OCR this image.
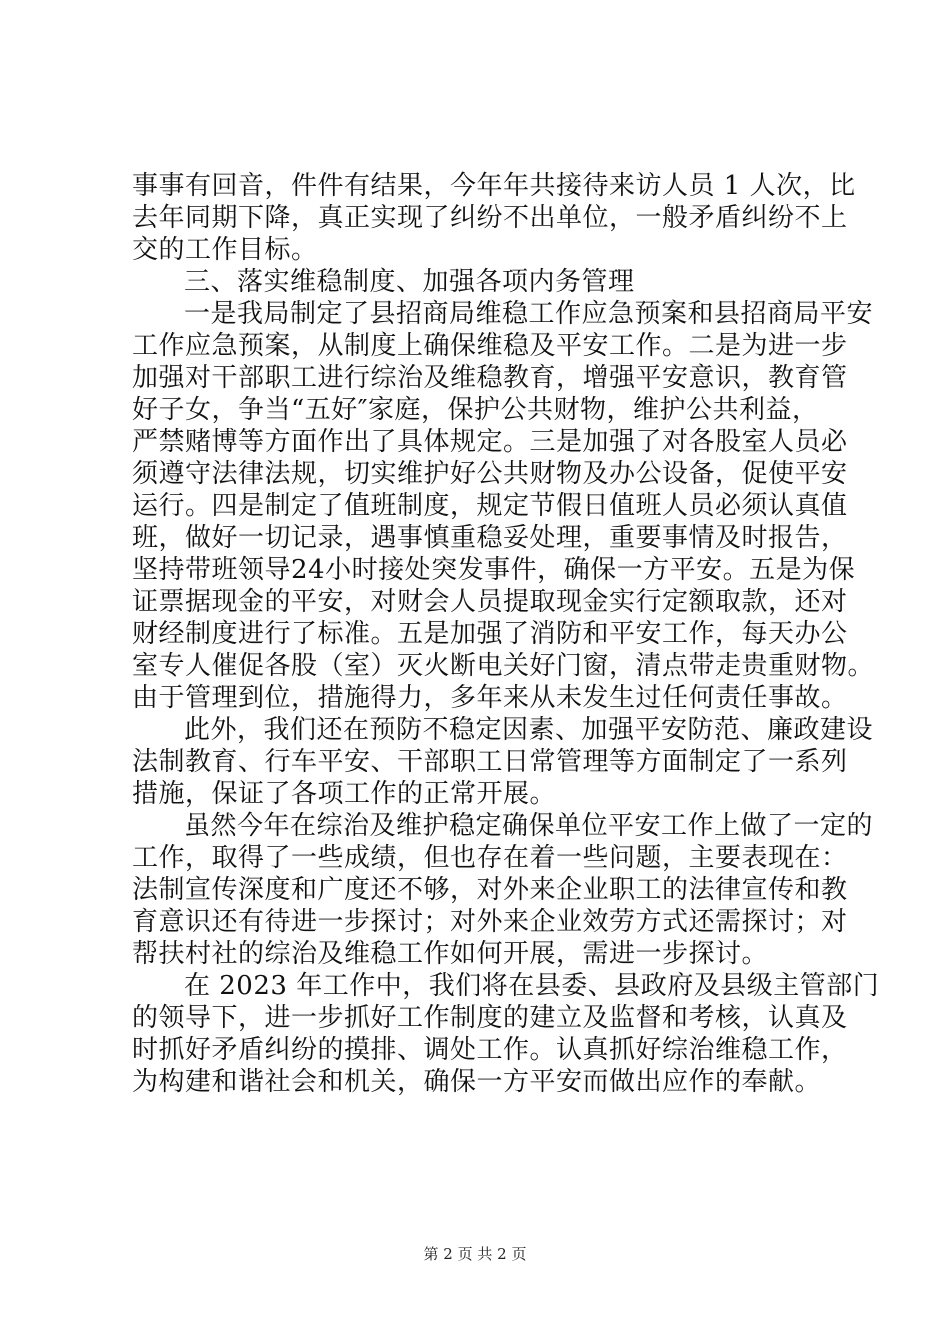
事事有回音，件件有结果，今年年共接待来访人员 1 人次，比
去年同期下降，真正实现了纠纷不出单位，一般矛盾纠纷不上
交的工作目标。
三、落实维稳制度、加强各项内务管理
一是我局制定了县招商局维稳工作应急预案和县招商局平安
工作应急预案，从制度上确保维稳及平安工作。二是为进一步
加强对干部职工进行综治及维稳教育，增强平安意识，教育管
好子女，争当“五好″家庭，保护公共财物，维护公共利益，
严禁赌博等方面作出了具体规定。三是加强了对各股室人员必
须遵守法律法规，切实维护好公共财物及办公设备，促使平安
运行。四是制定了值班制度，规定节假日值班人员必须认真值
班，做好一切记录，遇事慎重稳妥处理，重要事情及时报告，
坚持带班领导24小时接处突发事件，确保一方平安。五是为保
证票据现金的平安，对财会人员提取现金实行定额取款，还对
财经制度进行了标准。五是加强了消防和平安工作，每天办公
室专人催促各股（室）灭火断电关好门窗，清点带走贵重财物。
由于管理到位，措施得力，多年来从未发生过任何责任事故。
此外，我们还在预防不稳定因素、加强平安防范、廉政建设
法制教育、行车平安、干部职工日常管理等方面制定了一系列
措施，保证了各项工作的正常开展。
虽然今年在综治及维护稳定确保单位平安工作上做了一定的
工作，取得了一些成绩，但也存在着一些问题，主要表现在：
法制宣传深度和广度还不够，对外来企业职工的法律宣传和教
育意识还有待进一步探讨；对外来企业效劳方式还需探讨；对
帮扶村社的综治及维稳工作如何开展，需进一步探讨。
在 2023 年工作中，我们将在县委、县政府及县级主管部门
的领导下，进一步抓好工作制度的建立及监督和考核，认真及
时抓好矛盾纠纷的摸排、调处工作。认真抓好综治维稳工作，
为构建和谐社会和机关，确保一方平安而做出应作的奉献。
第 2 页 共 2 页
